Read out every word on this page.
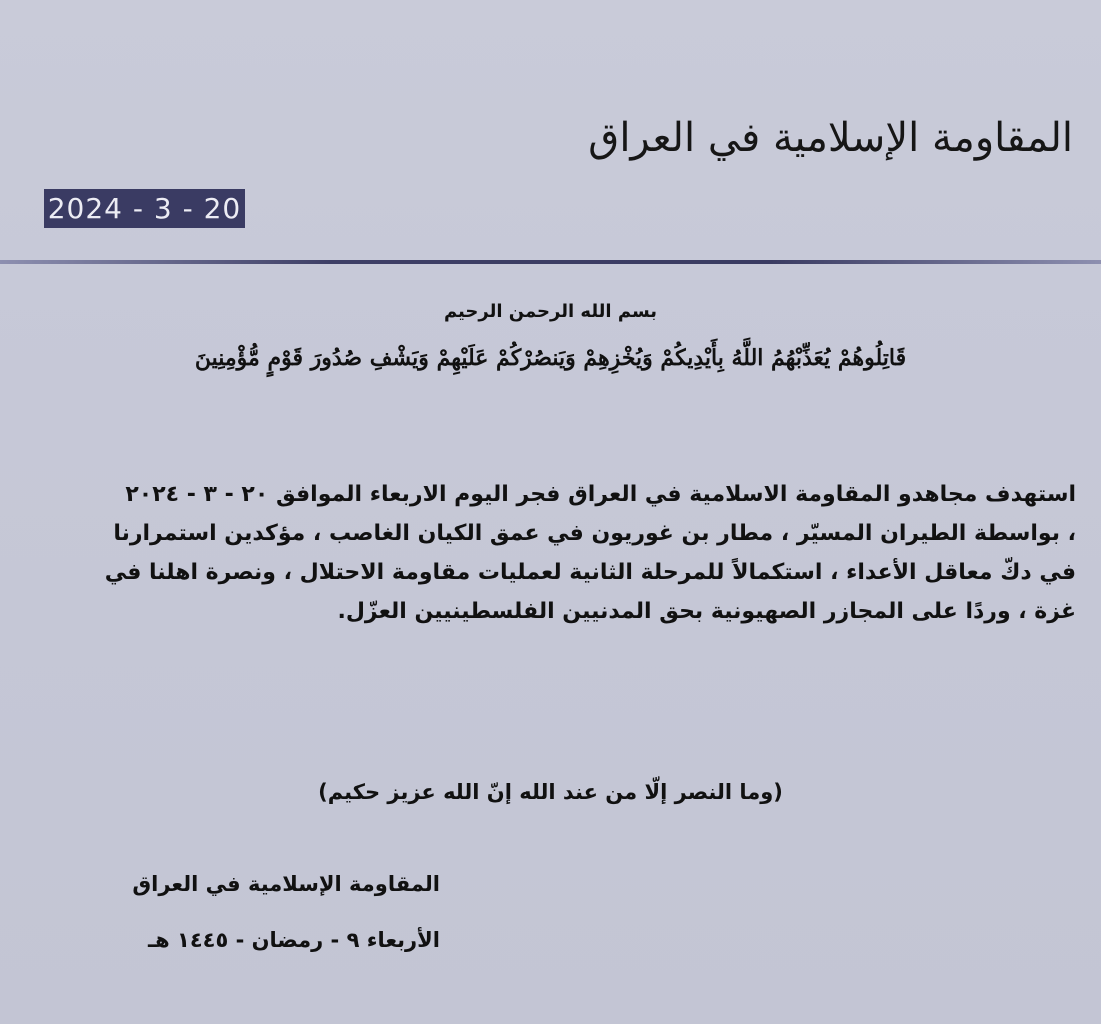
المقاومة الإسلامية في العراق
2024 - 3 - 20
بسم الله الرحمن الرحيم
قَاتِلُوهُمْ يُعَذِّبْهُمُ اللَّهُ بِأَيْدِيكُمْ وَيُخْزِهِمْ وَيَنصُرْكُمْ عَلَيْهِمْ وَيَشْفِ صُدُورَ قَوْمٍ مُّؤْمِنِينَ
استهدف مجاهدو المقاومة الاسلامية في العراق فجر اليوم الاربعاء الموافق ٢٠ - ٣ - ٢٠٢٤
، بواسطة الطيران المسيّر ، مطار بن غوريون في عمق الكيان الغاصب ، مؤكدين استمرارنا
في دكّ معاقل الأعداء ، استكمالاً للمرحلة الثانية لعمليات مقاومة الاحتلال ، ونصرة اهلنا في
غزة ، وردًا على المجازر الصهيونية بحق المدنيين الفلسطينيين العزّل.
(وما النصر إلّا من عند الله إنّ الله عزيز حكيم)
المقاومة الإسلامية في العراق
الأربعاء ٩ - رمضان - ١٤٤٥ هـ
